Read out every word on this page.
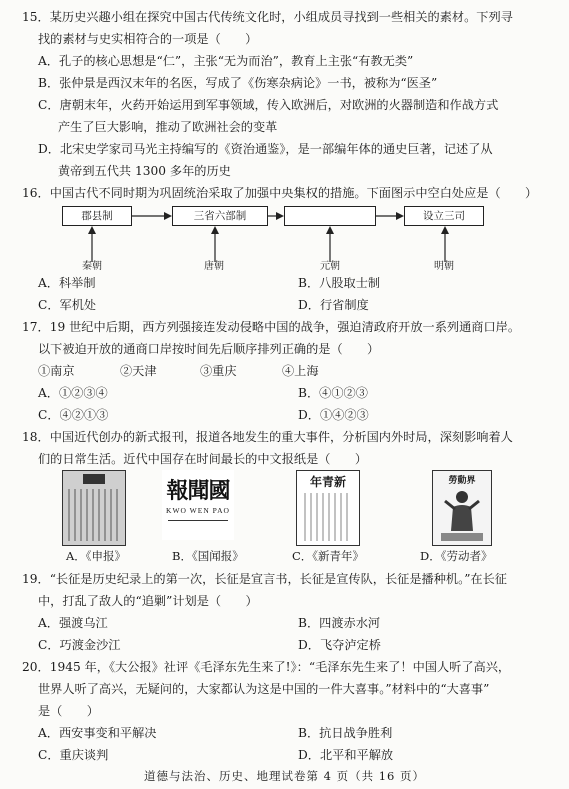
15．某历史兴趣小组在探究中国古代传统文化时，小组成员寻找到一些相关的素材。下列寻
找的素材与史实相符合的一项是（　　）
A．孔子的核心思想是“仁”，主张“无为而治”，教育上主张“有教无类”
B．张仲景是西汉末年的名医，写成了《伤寒杂病论》一书，被称为“医圣”
C．唐朝末年，火药开始运用到军事领域，传入欧洲后，对欧洲的火器制造和作战方式
产生了巨大影响，推动了欧洲社会的变革
D．北宋史学家司马光主持编写的《资治通鉴》，是一部编年体的通史巨著，记述了从
黄帝到五代共 1300 多年的历史
16．中国古代不同时期为巩固统治采取了加强中央集权的措施。下面图示中空白处应是（　　）
郡县制	三省六部制	设立三司
秦朝	唐朝	元朝	明朝
A．科举制	B．八股取士制
C．军机处	D．行省制度
17．19 世纪中后期，西方列强接连发动侵略中国的战争，强迫清政府开放一系列通商口岸。
以下被迫开放的通商口岸按时间先后顺序排列正确的是（　　）
①南京	②天津	③重庆	④上海
A．①②③④	B．④①②③
C．④②①③	D．①④②③
18．中国近代创办的新式报刊，报道各地发生的重大事件，分析国内外时局，深刻影响着人
们的日常生活。近代中国存在时间最长的中文报纸是（　　）
報聞國
KWO WEN PAO
年青新	勞動界
A．《申报》	B．《国闻报》	C．《新青年》	D．《劳动者》
19．“长征是历史纪录上的第一次，长征是宣言书，长征是宣传队，长征是播种机。”在长征
中，打乱了敌人的“追剿”计划是（　　）
A．强渡乌江	B．四渡赤水河
C．巧渡金沙江	D．飞夺泸定桥
20．1945 年，《大公报》社评《毛泽东先生来了!》：“毛泽东先生来了！中国人听了高兴，
世界人听了高兴，无疑问的，大家都认为这是中国的一件大喜事。”材料中的“大喜事”
是（　　）
A．西安事变和平解决	B．抗日战争胜利
C．重庆谈判	D．北平和平解放
道德与法治、历史、地理试卷第 4 页（共 16 页）
